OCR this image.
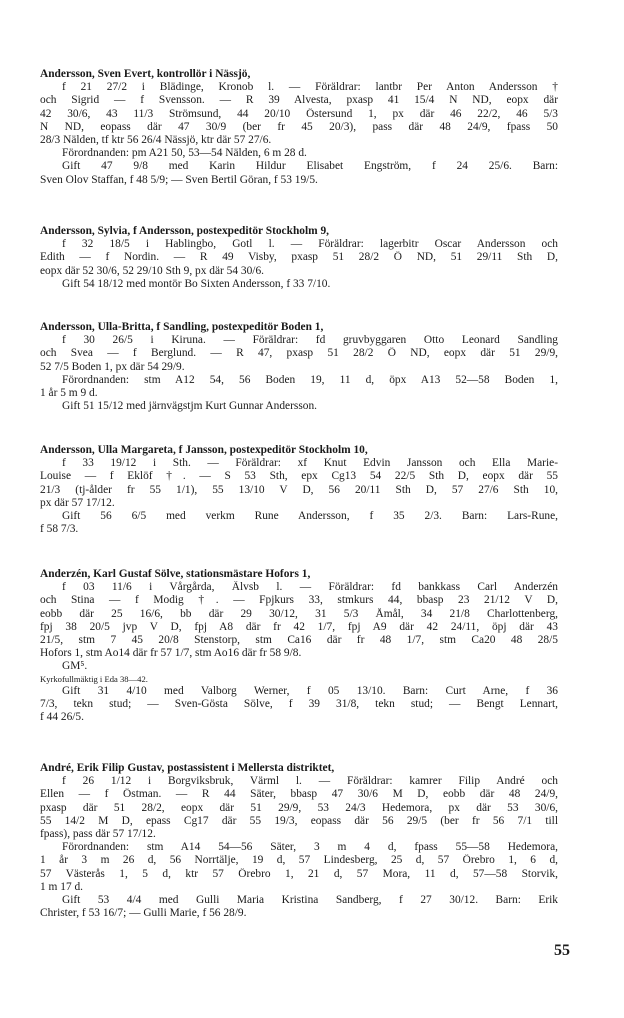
Andersson, Sven Evert, kontrollör i Nässjö,
f 21 27/2 i Blädinge, Kronob l. — Föräldrar: lantbr Per Anton Andersson †
och Sigrid — f Svensson. — R 39 Alvesta, pxasp 41 15/4 N ND, eopx där
42 30/6, 43 11/3 Strömsund, 44 20/10 Östersund 1, px där 46 22/2, 46 5/3
N ND, eopass där 47 30/9 (ber fr 45 20/3), pass där 48 24/9, fpass 50
28/3 Nälden, tf ktr 56 26/4 Nässjö, ktr där 57 27/6.
Förordnanden: pm A21 50, 53—54 Nälden, 6 m 28 d.
Gift 47 9/8 med Karin Hildur Elisabet Engström, f 24 25/6. Barn:
Sven Olov Staffan, f 48 5/9; — Sven Bertil Göran, f 53 19/5.
Andersson, Sylvia, f Andersson, postexpeditör Stockholm 9,
f 32 18/5 i Hablingbo, Gotl l. — Föräldrar: lagerbitr Oscar Andersson och
Edith — f Nordin. — R 49 Visby, pxasp 51 28/2 Ö ND, 51 29/11 Sth D,
eopx där 52 30/6, 52 29/10 Sth 9, px där 54 30/6.
Gift 54 18/12 med montör Bo Sixten Andersson, f 33 7/10.
Andersson, Ulla-Britta, f Sandling, postexpeditör Boden 1,
f 30 26/5 i Kiruna. — Föräldrar: fd gruvbyggaren Otto Leonard Sandling
och Svea — f Berglund. — R 47, pxasp 51 28/2 Ö ND, eopx där 51 29/9,
52 7/5 Boden 1, px där 54 29/9.
Förordnanden: stm A12 54, 56 Boden 19, 11 d, öpx A13 52—58 Boden 1,
1 år 5 m 9 d.
Gift 51 15/12 med järnvägstjm Kurt Gunnar Andersson.
Andersson, Ulla Margareta, f Jansson, postexpeditör Stockholm 10,
f 33 19/12 i Sth. — Föräldrar: xf Knut Edvin Jansson och Ella Marie-
Louise — f Eklöf †. — S 53 Sth, epx Cg13 54 22/5 Sth D, eopx där 55
21/3 (tj-ålder fr 55 1/1), 55 13/10 V D, 56 20/11 Sth D, 57 27/6 Sth 10,
px där 57 17/12.
Gift 56 6/5 med verkm Rune Andersson, f 35 2/3. Barn: Lars-Rune,
f 58 7/3.
Anderzén, Karl Gustaf Sölve, stationsmästare Hofors 1,
f 03 11/6 i Vårgårda, Älvsb l. — Föräldrar: fd bankkass Carl Anderzén
och Stina — f Modig †. — Fpjkurs 33, stmkurs 44, bbasp 23 21/12 V D,
eobb där 25 16/6, bb där 29 30/12, 31 5/3 Åmål, 34 21/8 Charlottenberg,
fpj 38 20/5 jvp V D, fpj A8 där fr 42 1/7, fpj A9 där 42 24/11, öpj där 43
21/5, stm 7 45 20/8 Stenstorp, stm Ca16 där fr 48 1/7, stm Ca20 48 28/5
Hofors 1, stm Ao14 där fr 57 1/7, stm Ao16 där fr 58 9/8.
GM⁵.
Kyrkofullmäktig i Eda 38—42.
Gift 31 4/10 med Valborg Werner, f 05 13/10. Barn: Curt Arne, f 36
7/3, tekn stud; — Sven-Gösta Sölve, f 39 31/8, tekn stud; — Bengt Lennart,
f 44 26/5.
André, Erik Filip Gustav, postassistent i Mellersta distriktet,
f 26 1/12 i Borgviksbruk, Värml l. — Föräldrar: kamrer Filip André och
Ellen — f Östman. — R 44 Säter, bbasp 47 30/6 M D, eobb där 48 24/9,
pxasp där 51 28/2, eopx där 51 29/9, 53 24/3 Hedemora, px där 53 30/6,
55 14/2 M D, epass Cg17 där 55 19/3, eopass där 56 29/5 (ber fr 56 7/1 till
fpass), pass där 57 17/12.
Förordnanden: stm A14 54—56 Säter, 3 m 4 d, fpass 55—58 Hedemora,
1 år 3 m 26 d, 56 Norrtälje, 19 d, 57 Lindesberg, 25 d, 57 Örebro 1, 6 d,
57 Västerås 1, 5 d, ktr 57 Örebro 1, 21 d, 57 Mora, 11 d, 57—58 Storvik,
1 m 17 d.
Gift 53 4/4 med Gulli Maria Kristina Sandberg, f 27 30/12. Barn: Erik
Christer, f 53 16/7; — Gulli Marie, f 56 28/9.
55
